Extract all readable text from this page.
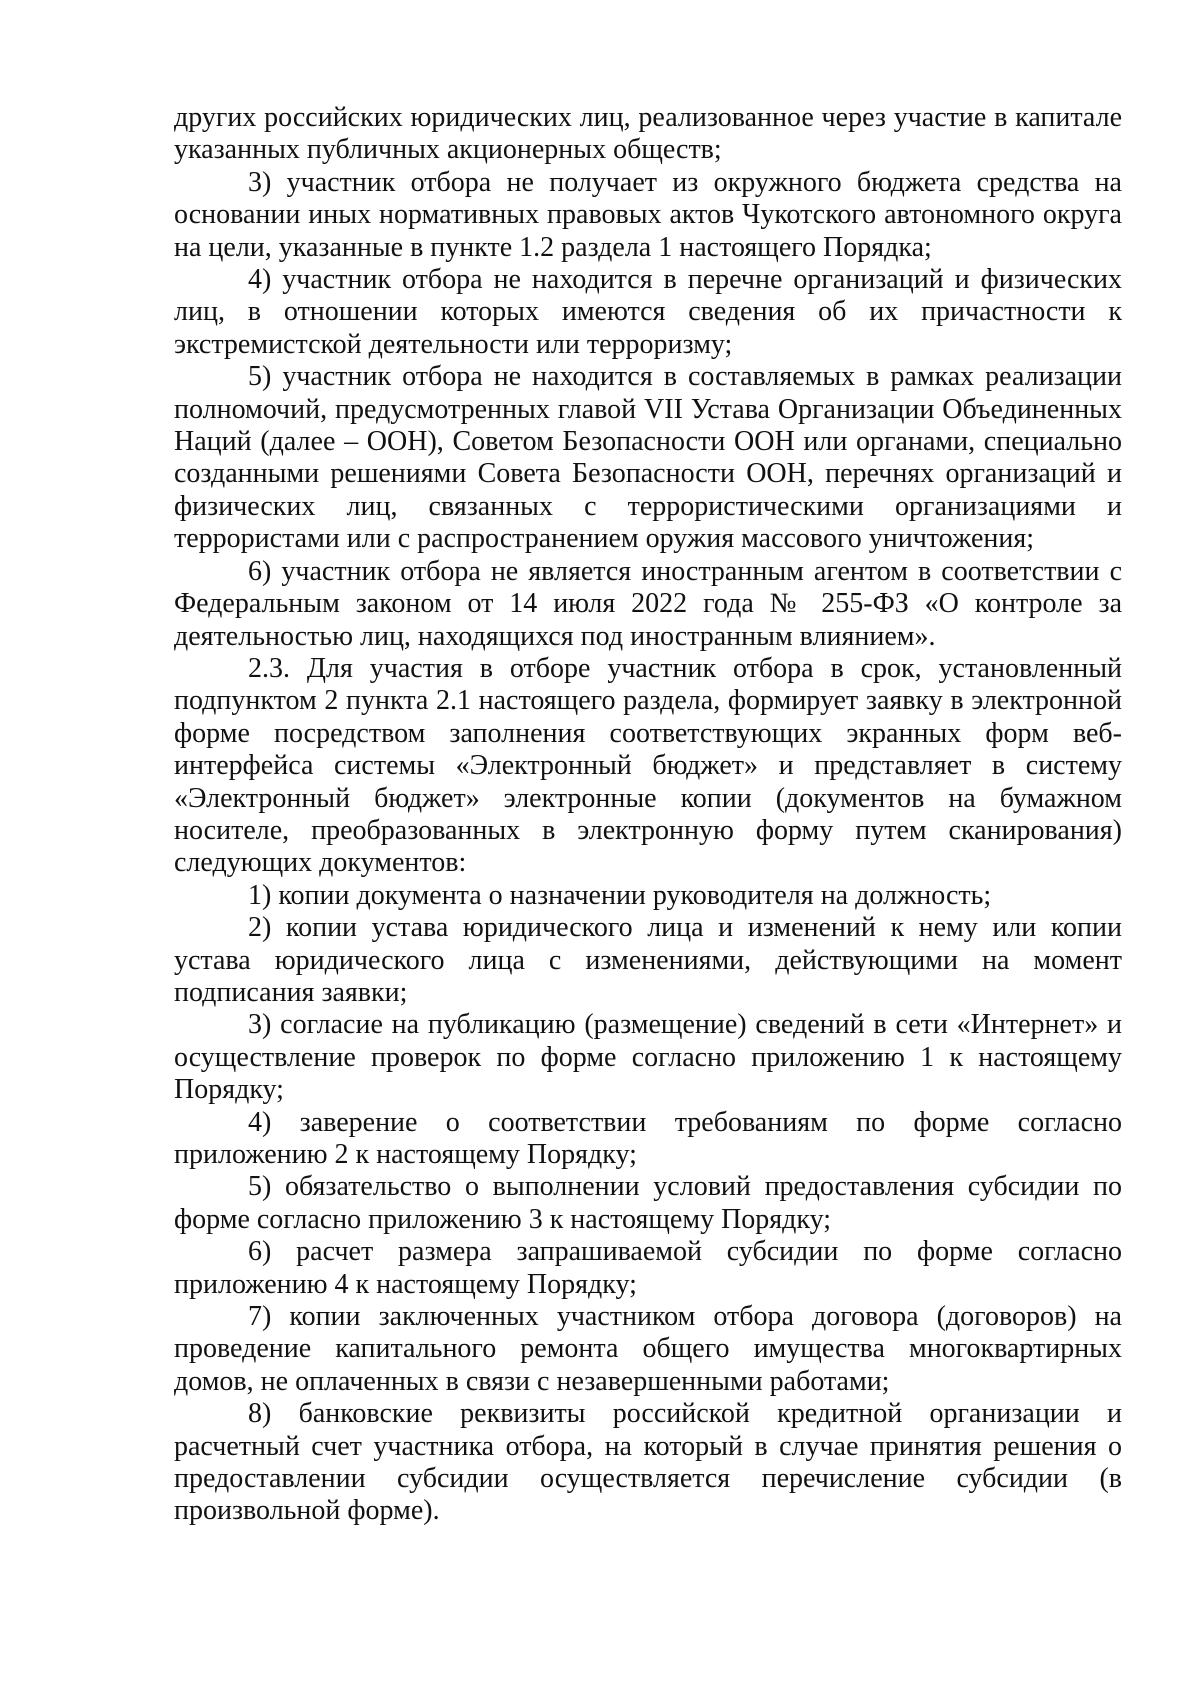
других российских юридических лиц, реализованное через участие в капитале указанных публичных акционерных обществ;

3) участник отбора не получает из окружного бюджета средства на основании иных нормативных правовых актов Чукотского автономного округа на цели, указанные в пункте 1.2 раздела 1 настоящего Порядка;

4) участник отбора не находится в перечне организаций и физических лиц, в отношении которых имеются сведения об их причастности к экстремистской деятельности или терроризму;

5) участник отбора не находится в составляемых в рамках реализации полномочий, предусмотренных главой VII Устава Организации Объединенных Наций (далее – ООН), Советом Безопасности ООН или органами, специально созданными решениями Совета Безопасности ООН, перечнях организаций и физических лиц, связанных с террористическими организациями и террористами или с распространением оружия массового уничтожения;

6) участник отбора не является иностранным агентом в соответствии с Федеральным законом от 14 июля 2022 года № 255-ФЗ «О контроле за деятельностью лиц, находящихся под иностранным влиянием».

2.3. Для участия в отборе участник отбора в срок, установленный подпунктом 2 пункта 2.1 настоящего раздела, формирует заявку в электронной форме посредством заполнения соответствующих экранных форм веб-интерфейса системы «Электронный бюджет» и представляет в систему «Электронный бюджет» электронные копии (документов на бумажном носителе, преобразованных в электронную форму путем сканирования) следующих документов:

1) копии документа о назначении руководителя на должность;

2) копии устава юридического лица и изменений к нему или копии устава юридического лица с изменениями, действующими на момент подписания заявки;

3) согласие на публикацию (размещение) сведений в сети «Интернет» и осуществление проверок по форме согласно приложению 1 к настоящему Порядку;

4) заверение о соответствии требованиям по форме согласно приложению 2 к настоящему Порядку;

5) обязательство о выполнении условий предоставления субсидии по форме согласно приложению 3 к настоящему Порядку;

6) расчет размера запрашиваемой субсидии по форме согласно приложению 4 к настоящему Порядку;

7) копии заключенных участником отбора договора (договоров) на проведение капитального ремонта общего имущества многоквартирных домов, не оплаченных в связи с незавершенными работами;

8) банковские реквизиты российской кредитной организации и расчетный счет участника отбора, на который в случае принятия решения о предоставлении субсидии осуществляется перечисление субсидии (в произвольной форме).
